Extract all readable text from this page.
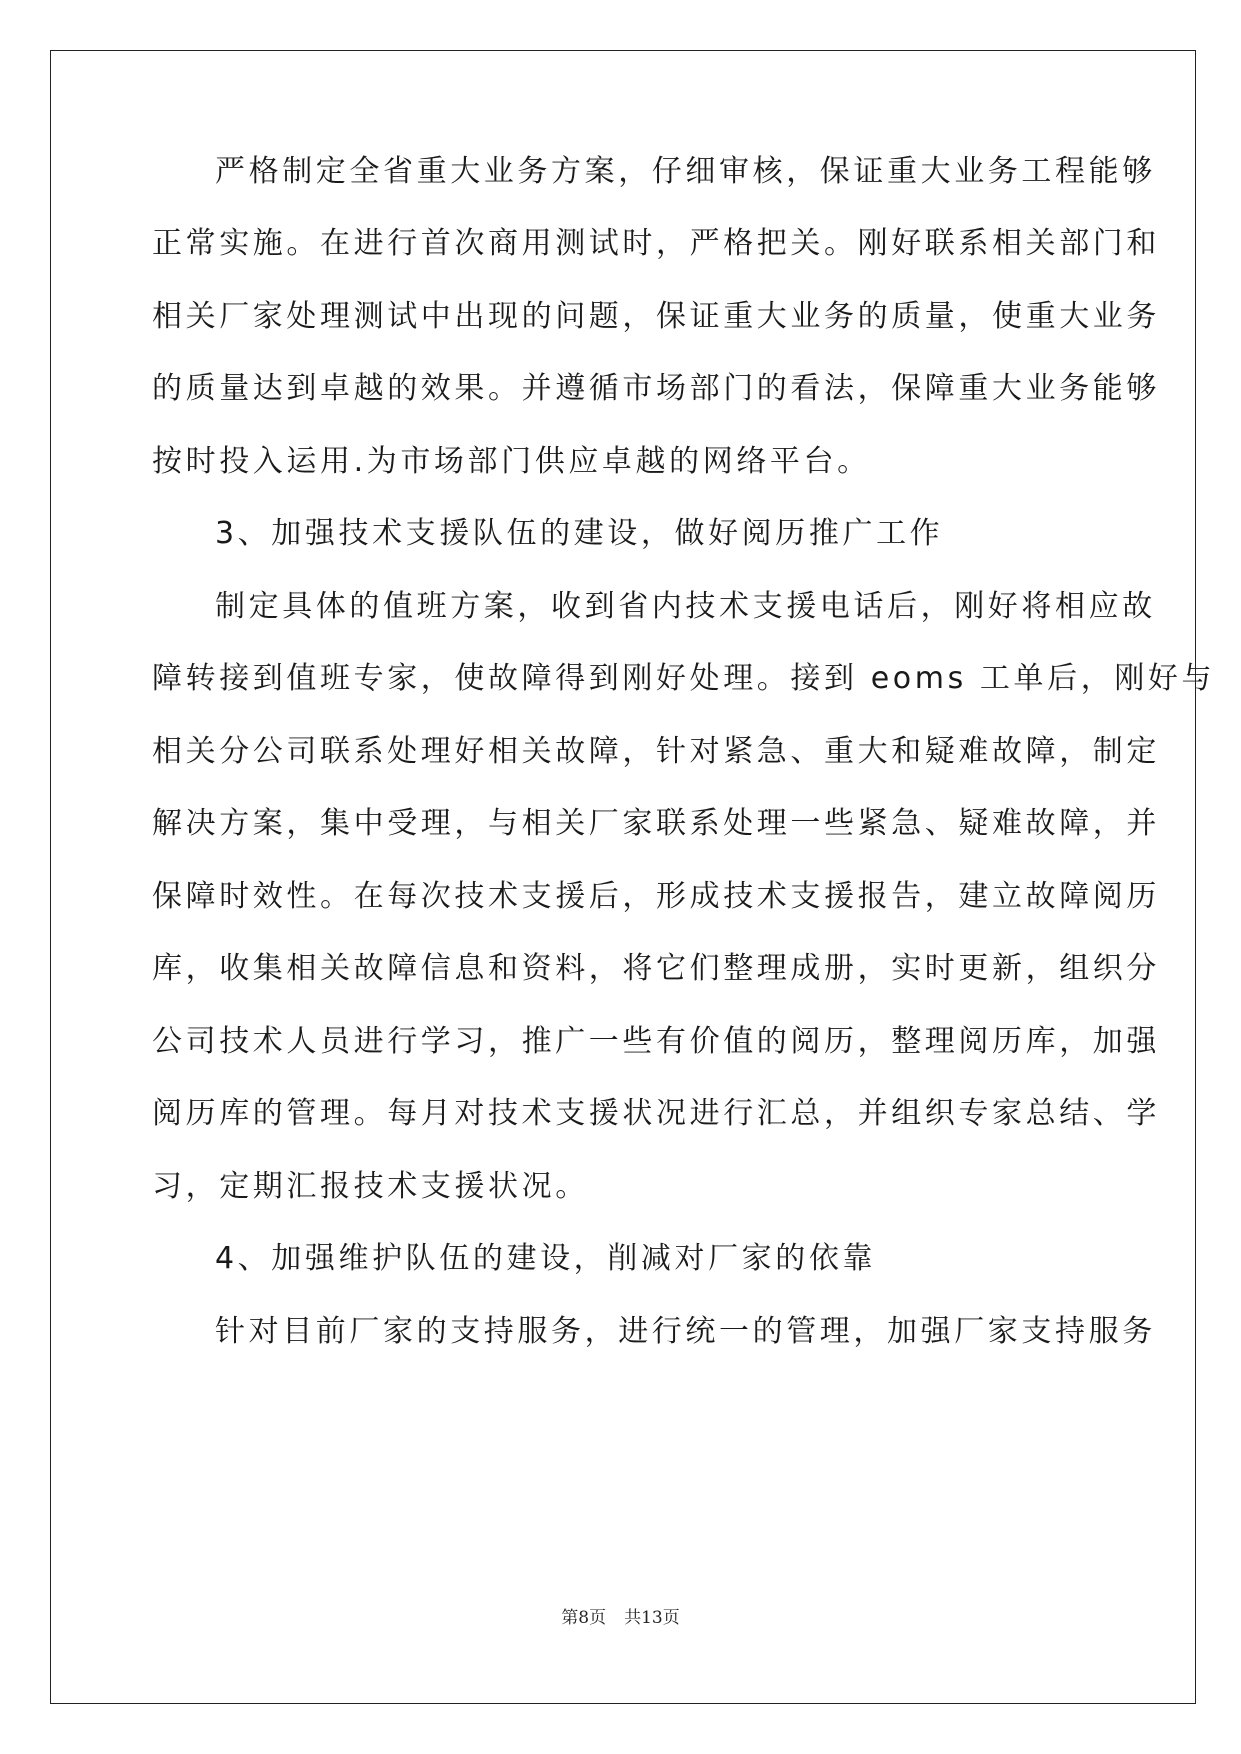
严格制定全省重大业务方案，仔细审核，保证重大业务工程能够
正常实施。在进行首次商用测试时，严格把关。刚好联系相关部门和
相关厂家处理测试中出现的问题，保证重大业务的质量，使重大业务
的质量达到卓越的效果。并遵循市场部门的看法，保障重大业务能够
按时投入运用.为市场部门供应卓越的网络平台。
3、加强技术支援队伍的建设，做好阅历推广工作
制定具体的值班方案，收到省内技术支援电话后，刚好将相应故
障转接到值班专家，使故障得到刚好处理。接到 eoms 工单后，刚好与
相关分公司联系处理好相关故障，针对紧急、重大和疑难故障，制定
解决方案，集中受理，与相关厂家联系处理一些紧急、疑难故障，并
保障时效性。在每次技术支援后，形成技术支援报告，建立故障阅历
库，收集相关故障信息和资料，将它们整理成册，实时更新，组织分
公司技术人员进行学习，推广一些有价值的阅历，整理阅历库，加强
阅历库的管理。每月对技术支援状况进行汇总，并组织专家总结、学
习，定期汇报技术支援状况。
4、加强维护队伍的建设，削减对厂家的依靠
针对目前厂家的支持服务，进行统一的管理，加强厂家支持服务
第8页 共13页
